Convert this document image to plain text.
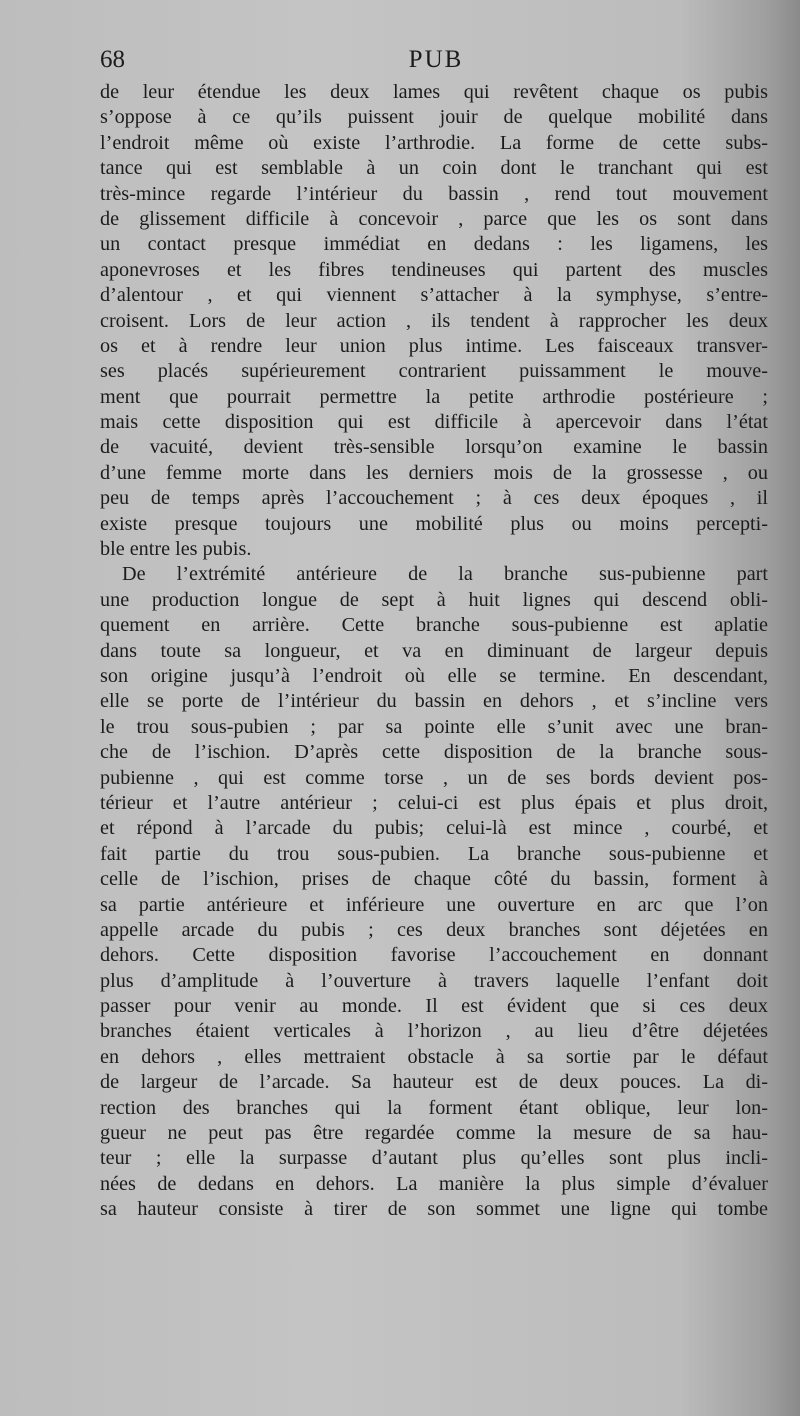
68	PUB
de leur étendue les deux lames qui revêtent chaque os pubis
s’oppose à ce qu’ils puissent jouir de quelque mobilité dans
l’endroit même où existe l’arthrodie. La forme de cette subs-
tance qui est semblable à un coin dont le tranchant qui est
très-mince regarde l’intérieur du bassin , rend tout mouvement
de glissement difficile à concevoir , parce que les os sont dans
un contact presque immédiat en dedans : les ligamens, les
aponevroses et les fibres tendineuses qui partent des muscles
d’alentour , et qui viennent s’attacher à la symphyse, s’entre-
croisent. Lors de leur action , ils tendent à rapprocher les deux
os et à rendre leur union plus intime. Les faisceaux transver-
ses placés supérieurement contrarient puissamment le mouve-
ment que pourrait permettre la petite arthrodie postérieure ;
mais cette disposition qui est difficile à apercevoir dans l’état
de vacuité, devient très-sensible lorsqu’on examine le bassin
d’une femme morte dans les derniers mois de la grossesse , ou
peu de temps après l’accouchement ; à ces deux époques , il
existe presque toujours une mobilité plus ou moins percepti-
ble entre les pubis.
De l’extrémité antérieure de la branche sus-pubienne part
une production longue de sept à huit lignes qui descend obli-
quement en arrière. Cette branche sous-pubienne est aplatie
dans toute sa longueur, et va en diminuant de largeur depuis
son origine jusqu’à l’endroit où elle se termine. En descendant,
elle se porte de l’intérieur du bassin en dehors , et s’incline vers
le trou sous-pubien ; par sa pointe elle s’unit avec une bran-
che de l’ischion. D’après cette disposition de la branche sous-
pubienne , qui est comme torse , un de ses bords devient pos-
térieur et l’autre antérieur ; celui-ci est plus épais et plus droit,
et répond à l’arcade du pubis; celui-là est mince , courbé, et
fait partie du trou sous-pubien. La branche sous-pubienne et
celle de l’ischion, prises de chaque côté du bassin, forment à
sa partie antérieure et inférieure une ouverture en arc que l’on
appelle arcade du pubis ; ces deux branches sont déjetées en
dehors. Cette disposition favorise l’accouchement en donnant
plus d’amplitude à l’ouverture à travers laquelle l’enfant doit
passer pour venir au monde. Il est évident que si ces deux
branches étaient verticales à l’horizon , au lieu d’être déjetées
en dehors , elles mettraient obstacle à sa sortie par le défaut
de largeur de l’arcade. Sa hauteur est de deux pouces. La di-
rection des branches qui la forment étant oblique, leur lon-
gueur ne peut pas être regardée comme la mesure de sa hau-
teur ; elle la surpasse d’autant plus qu’elles sont plus incli-
nées de dedans en dehors. La manière la plus simple d’évaluer
sa hauteur consiste à tirer de son sommet une ligne qui tombe
